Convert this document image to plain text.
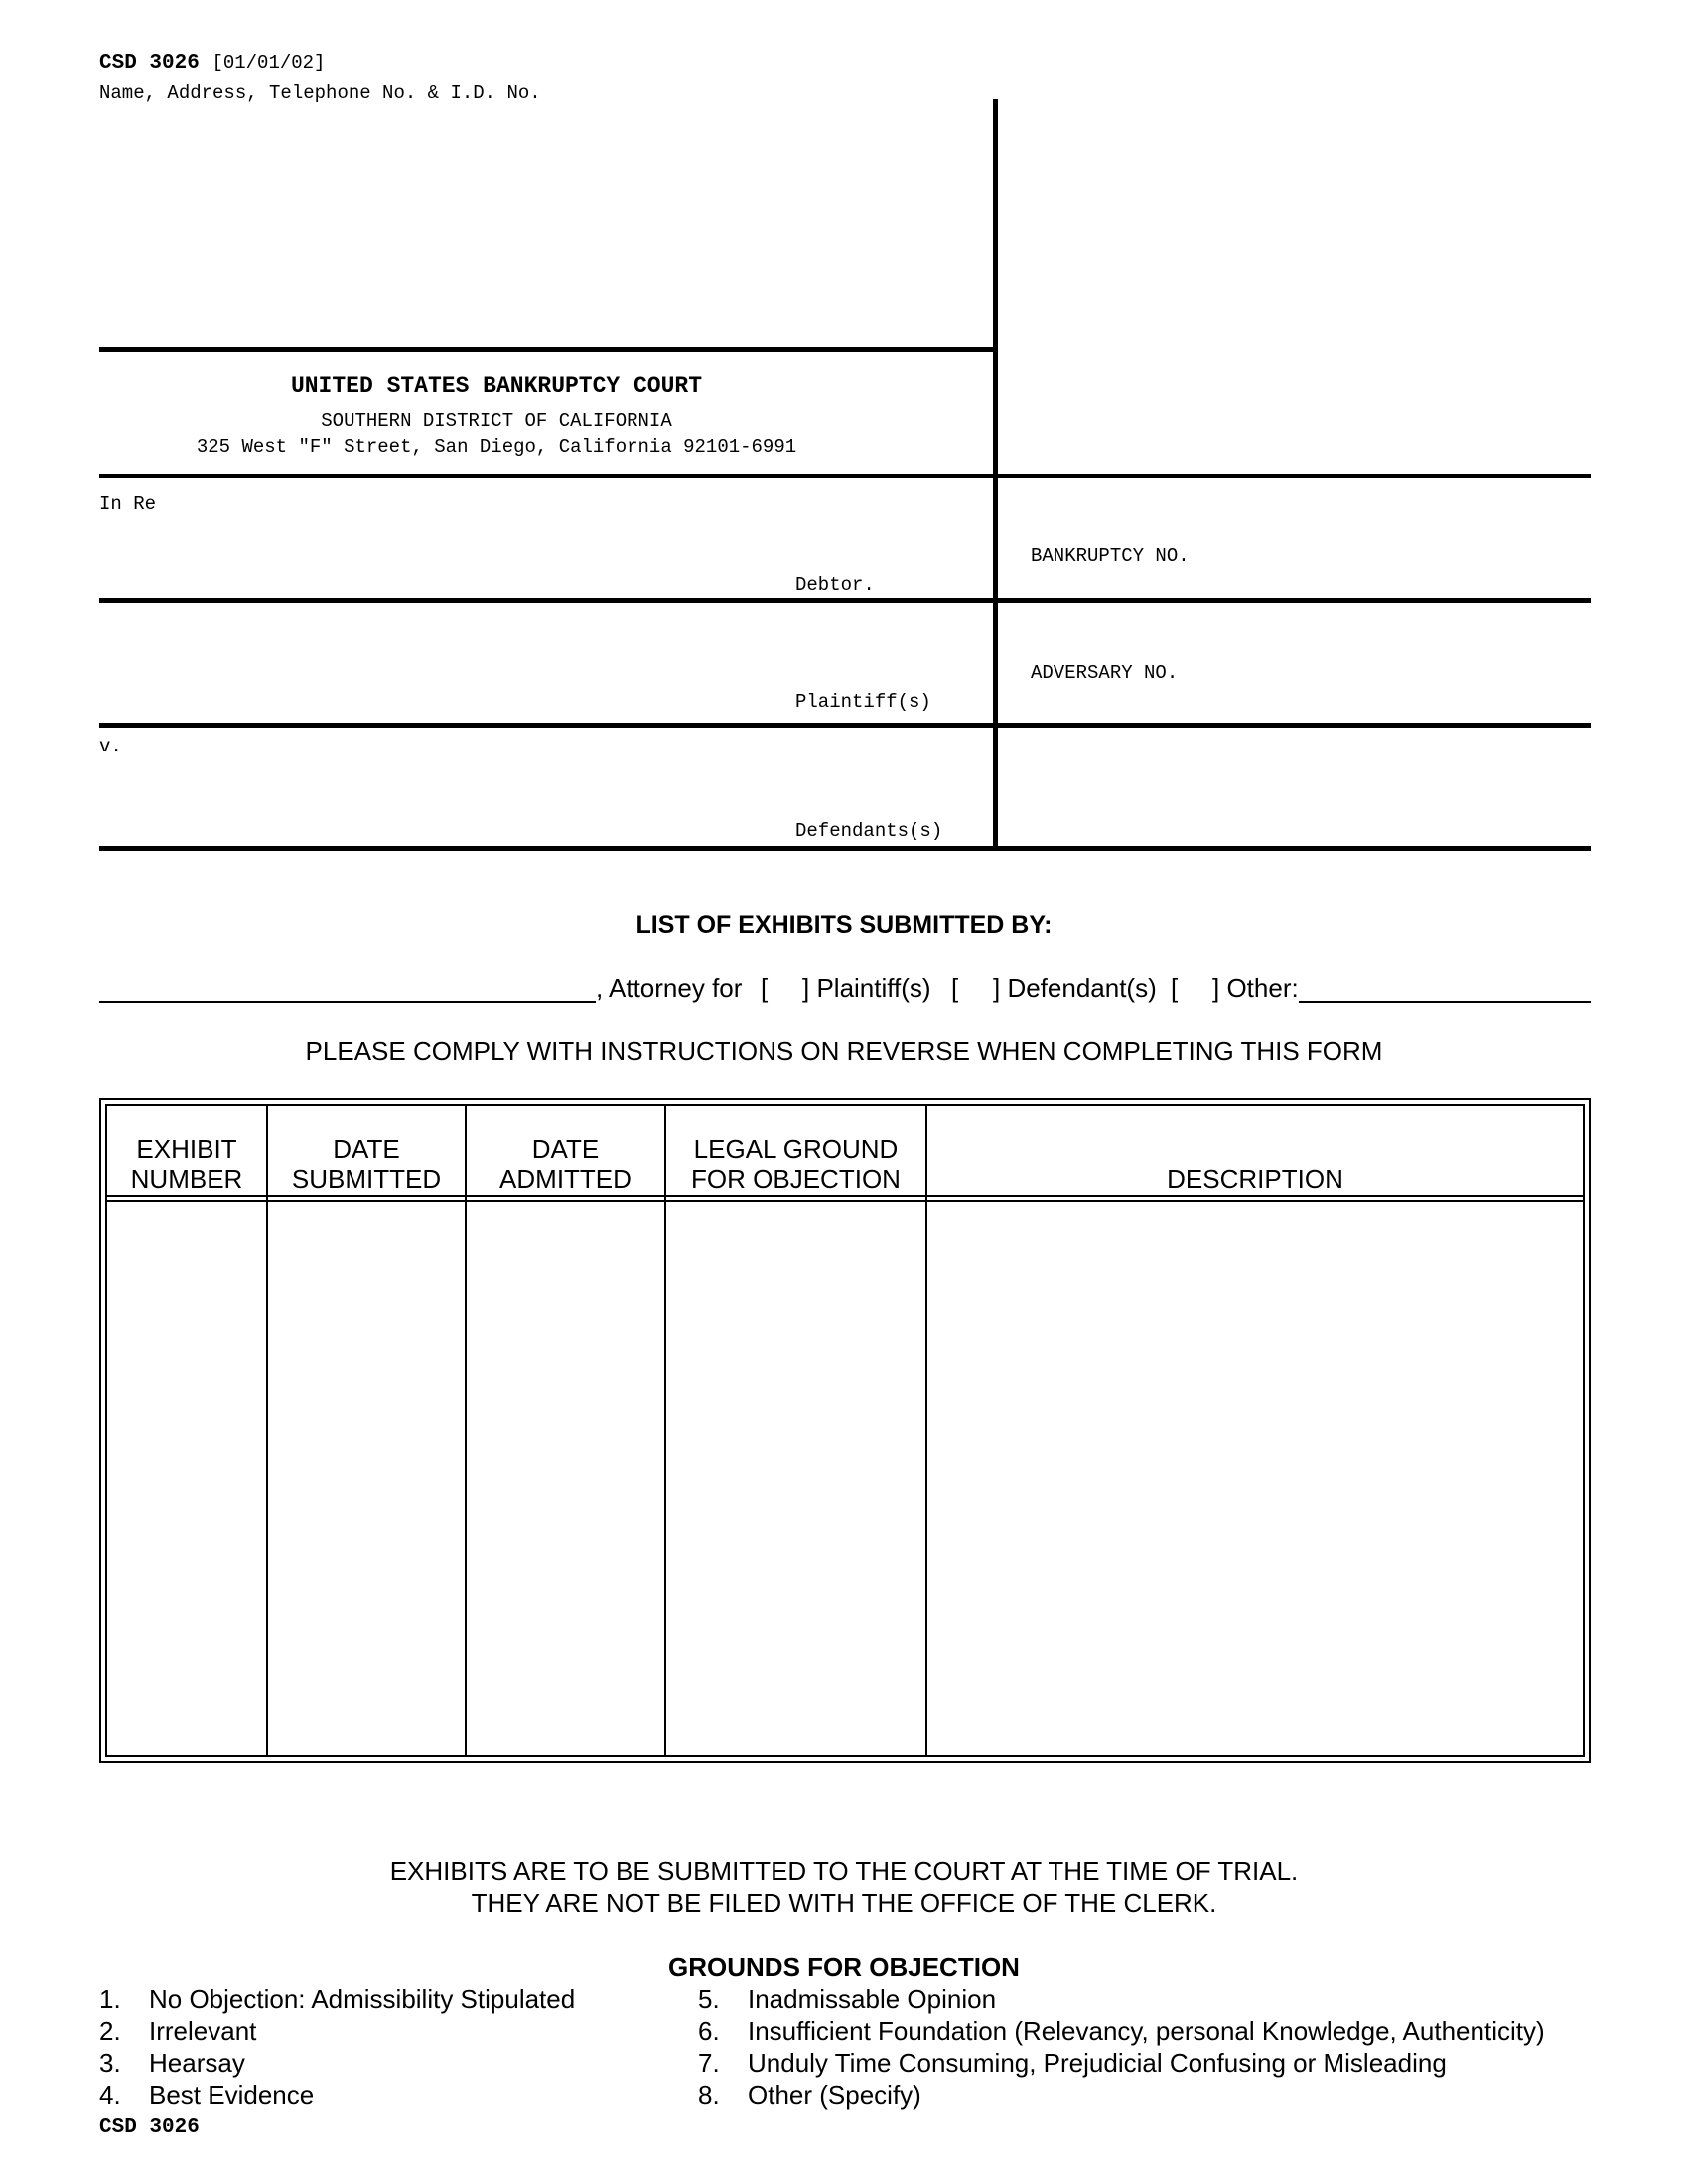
CSD 3026 [01/01/02]
Name, Address, Telephone No. & I.D. No.
UNITED STATES BANKRUPTCY COURT
SOUTHERN DISTRICT OF CALIFORNIA
325 West "F" Street, San Diego, California 92101-6991
In Re
Debtor.
BANKRUPTCY NO.
Plaintiff(s)
ADVERSARY NO.
v.
Defendants(s)
LIST OF EXHIBITS SUBMITTED BY:
, Attorney for [ ] Plaintiff(s) [ ] Defendant(s) [ ] Other:
PLEASE COMPLY WITH INSTRUCTIONS ON REVERSE WHEN COMPLETING THIS FORM
EXHIBIT
NUMBER
DATE
SUBMITTED
DATE
ADMITTED
LEGAL GROUND
FOR OBJECTION	DESCRIPTION
EXHIBITS ARE TO BE SUBMITTED TO THE COURT AT THE TIME OF TRIAL.
THEY ARE NOT BE FILED WITH THE OFFICE OF THE CLERK.
GROUNDS FOR OBJECTION
1. No Objection: Admissibility Stipulated
2. Irrelevant
3. Hearsay
4. Best Evidence
5. Inadmissable Opinion
6. Insufficient Foundation (Relevancy, personal Knowledge, Authenticity)
7. Unduly Time Consuming, Prejudicial Confusing or Misleading
8. Other (Specify)
CSD 3026
